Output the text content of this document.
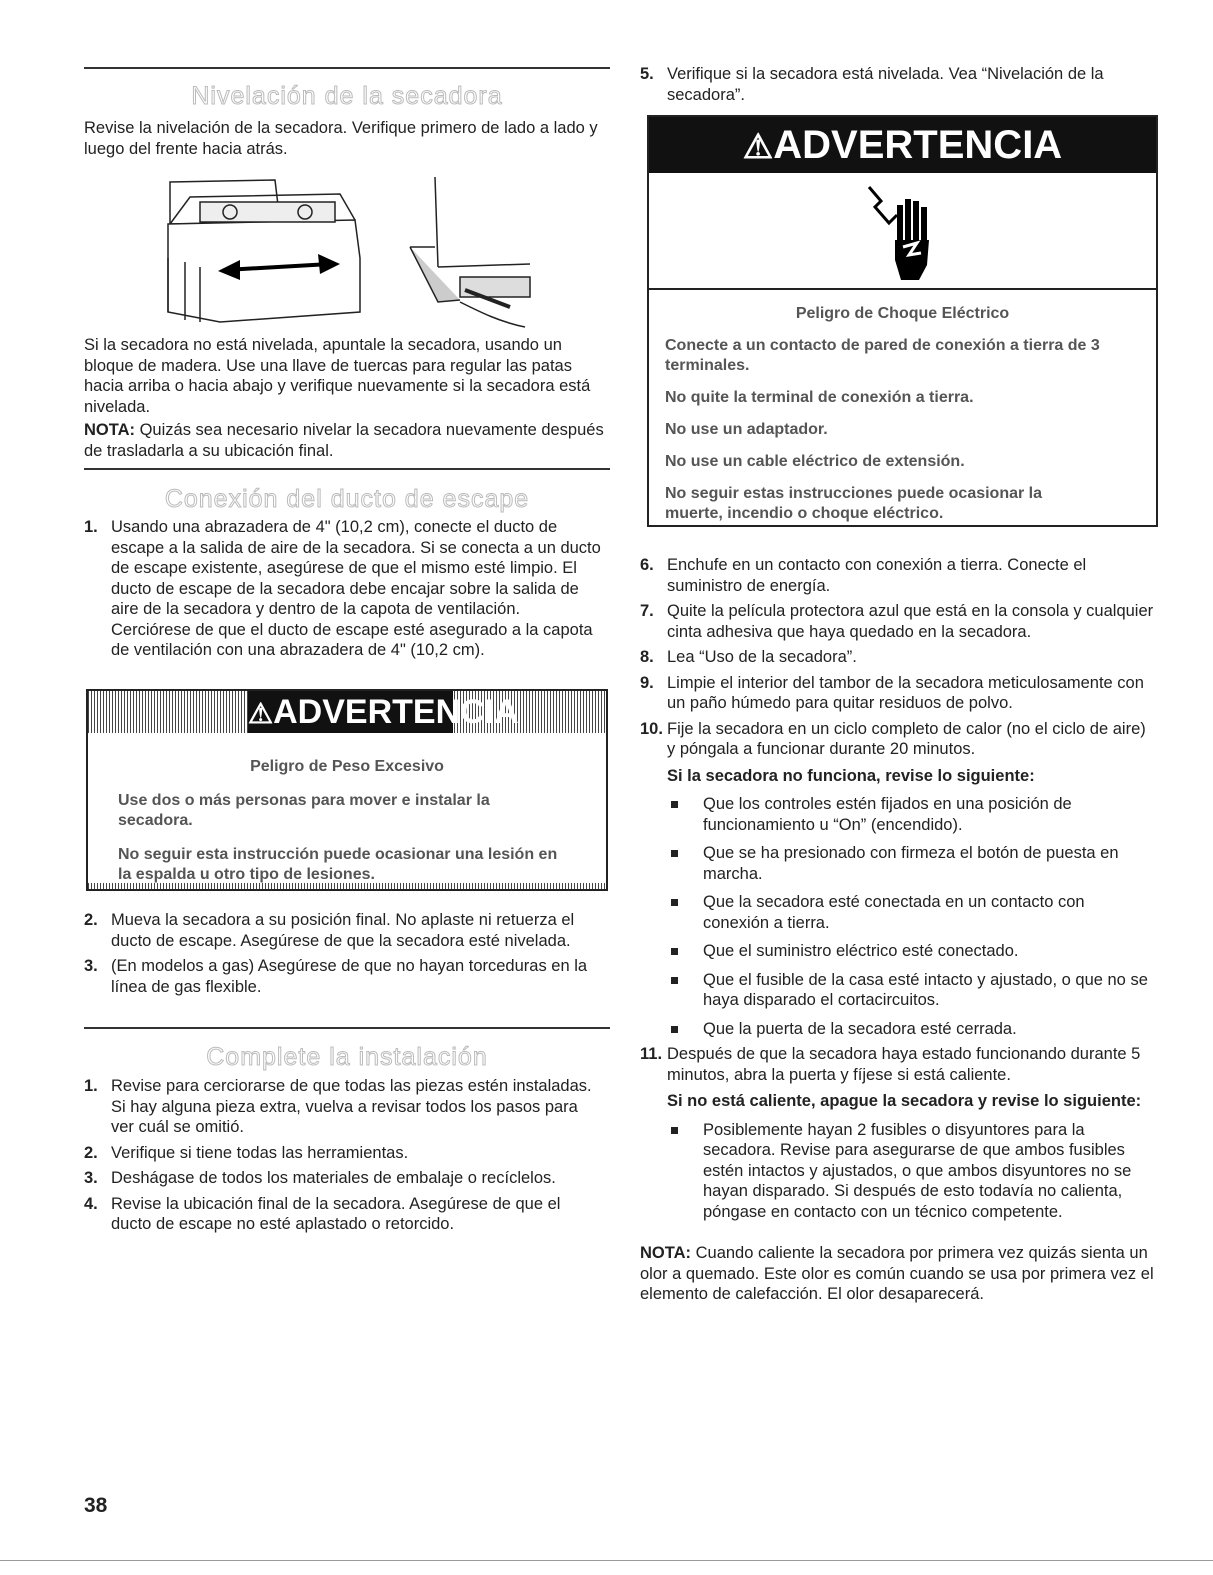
Nivelación de la secadora
Revise la nivelación de la secadora. Verifique primero de lado a lado y luego del frente hacia atrás.
Si la secadora no está nivelada, apuntale la secadora, usando un bloque de madera. Use una llave de tuercas para regular las patas hacia arriba o hacia abajo y verifique nuevamente si la secadora está nivelada.
NOTA: Quizás sea necesario nivelar la secadora nuevamente después de trasladarla a su ubicación final.
Conexión del ducto de escape
1. Usando una abrazadera de 4" (10,2 cm), conecte el ducto de escape a la salida de aire de la secadora. Si se conecta a un ducto de escape existente, asegúrese de que el mismo esté limpio. El ducto de escape de la secadora debe encajar sobre la salida de aire de la secadora y dentro de la capota de ventilación. Cerciórese de que el ducto de escape esté asegurado a la capota de ventilación con una abrazadera de 4" (10,2 cm).
⚠ADVERTENCIA
Peligro de Peso Excesivo
Use dos o más personas para mover e instalar la secadora.
No seguir esta instrucción puede ocasionar una lesión en la espalda u otro tipo de lesiones.
2. Mueva la secadora a su posición final. No aplaste ni retuerza el ducto de escape. Asegúrese de que la secadora esté nivelada.
3. (En modelos a gas) Asegúrese de que no hayan torceduras en la línea de gas flexible.
Complete la instalación
1. Revise para cerciorarse de que todas las piezas estén instaladas. Si hay alguna pieza extra, vuelva a revisar todos los pasos para ver cuál se omitió.
2. Verifique si tiene todas las herramientas.
3. Deshágase de todos los materiales de embalaje o recíclelos.
4. Revise la ubicación final de la secadora. Asegúrese de que el ducto de escape no esté aplastado o retorcido.
5. Verifique si la secadora está nivelada. Vea “Nivelación de la secadora”.
⚠ADVERTENCIA
Peligro de Choque Eléctrico
Conecte a un contacto de pared de conexión a tierra de 3 terminales.
No quite la terminal de conexión a tierra.
No use un adaptador.
No use un cable eléctrico de extensión.
No seguir estas instrucciones puede ocasionar la muerte, incendio o choque eléctrico.
6. Enchufe en un contacto con conexión a tierra. Conecte el suministro de energía.
7. Quite la película protectora azul que está en la consola y cualquier cinta adhesiva que haya quedado en la secadora.
8. Lea “Uso de la secadora”.
9. Limpie el interior del tambor de la secadora meticulosamente con un paño húmedo para quitar residuos de polvo.
10. Fije la secadora en un ciclo completo de calor (no el ciclo de aire) y póngala a funcionar durante 20 minutos.
Si la secadora no funciona, revise lo siguiente:
Que los controles estén fijados en una posición de funcionamiento u “On” (encendido).
Que se ha presionado con firmeza el botón de puesta en marcha.
Que la secadora esté conectada en un contacto con conexión a tierra.
Que el suministro eléctrico esté conectado.
Que el fusible de la casa esté intacto y ajustado, o que no se haya disparado el cortacircuitos.
Que la puerta de la secadora esté cerrada.
11. Después de que la secadora haya estado funcionando durante 5 minutos, abra la puerta y fíjese si está caliente.
Si no está caliente, apague la secadora y revise lo siguiente:
Posiblemente hayan 2 fusibles o disyuntores para la secadora. Revise para asegurarse de que ambos fusibles estén intactos y ajustados, o que ambos disyuntores no se hayan disparado. Si después de esto todavía no calienta, póngase en contacto con un técnico competente.
NOTA: Cuando caliente la secadora por primera vez quizás sienta un olor a quemado. Este olor es común cuando se usa por primera vez el elemento de calefacción. El olor desaparecerá.
38
